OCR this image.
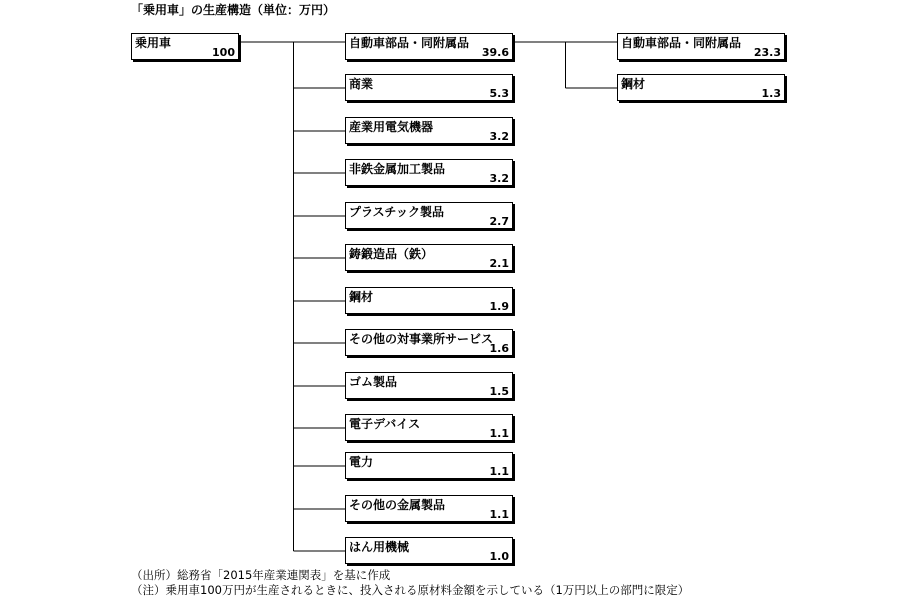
「乗用車」の生産構造（単位：万円）
乗用車
100
自動車部品・同附属品
39.6
商業
5.3
産業用電気機器
3.2
非鉄金属加工製品
3.2
プラスチック製品
2.7
鋳鍛造品（鉄）
2.1
鋼材
1.9
その他の対事業所サービス
1.6
ゴム製品
1.5
電子デバイス
1.1
電力
1.1
その他の金属製品
1.1
はん用機械
1.0
自動車部品・同附属品
23.3
鋼材
1.3
（出所）総務省「2015年産業連関表」を基に作成
（注）乗用車100万円が生産されるときに、投入される原材料金額を示している（1万円以上の部門に限定）
